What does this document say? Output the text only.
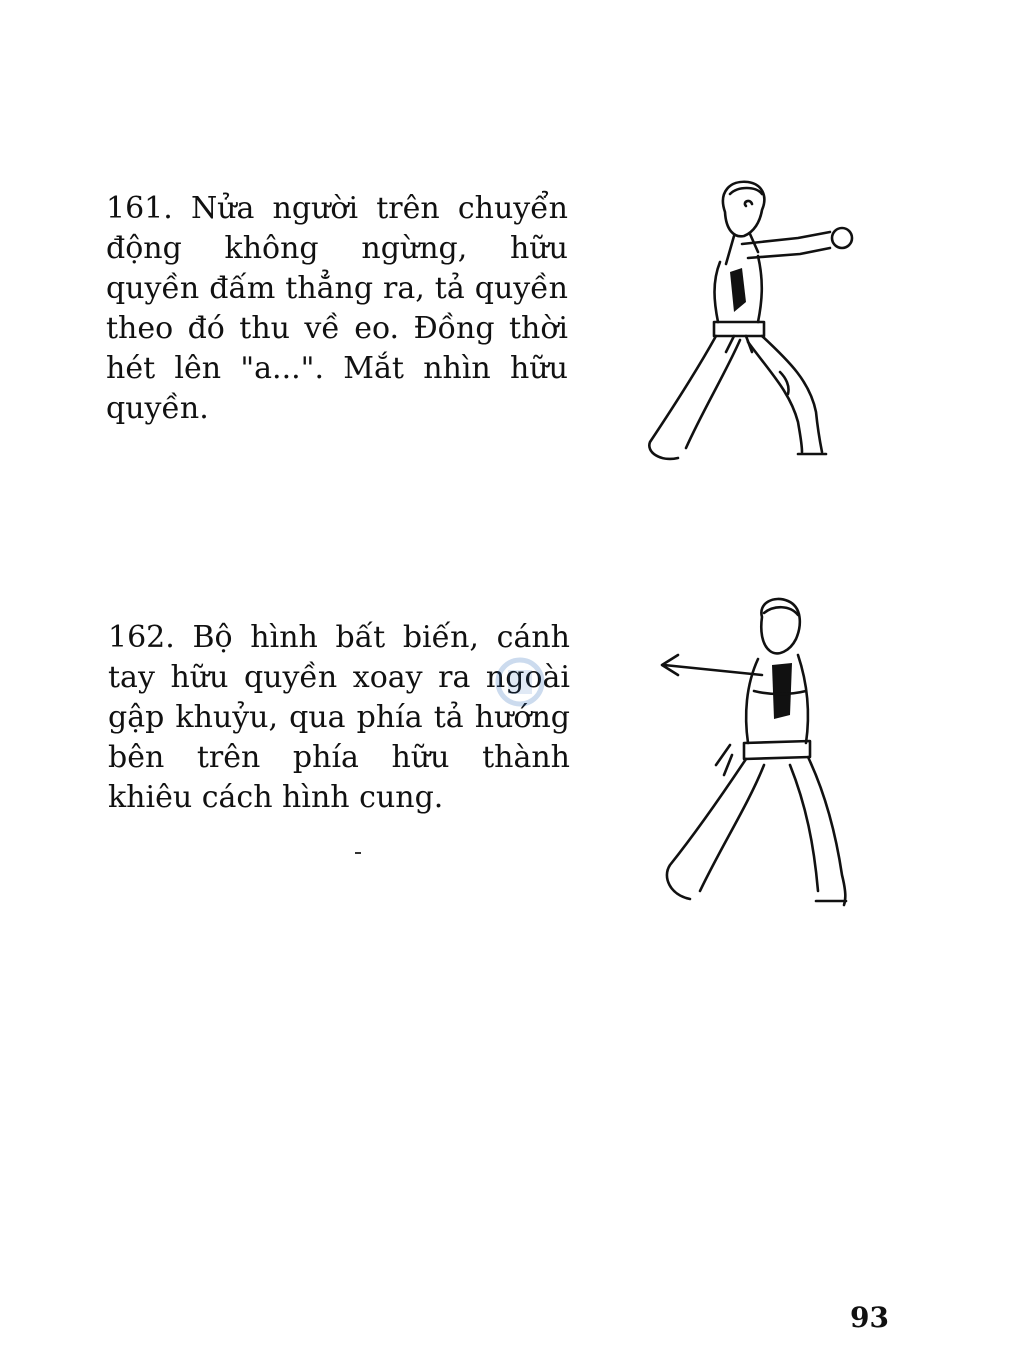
161. Nửa người trên chuyển động không ngừng, hữu quyền đấm thẳng ra, tả quyền theo đó thu về eo. Đồng thời hét lên "a...". Mắt nhìn hữu quyền.

162. Bộ hình bất biến, cánh tay hữu quyền xoay ra ngoài gập khuỷu, qua phía tả hướng bên trên phía hữu thành khiêu cách hình cung.

93
